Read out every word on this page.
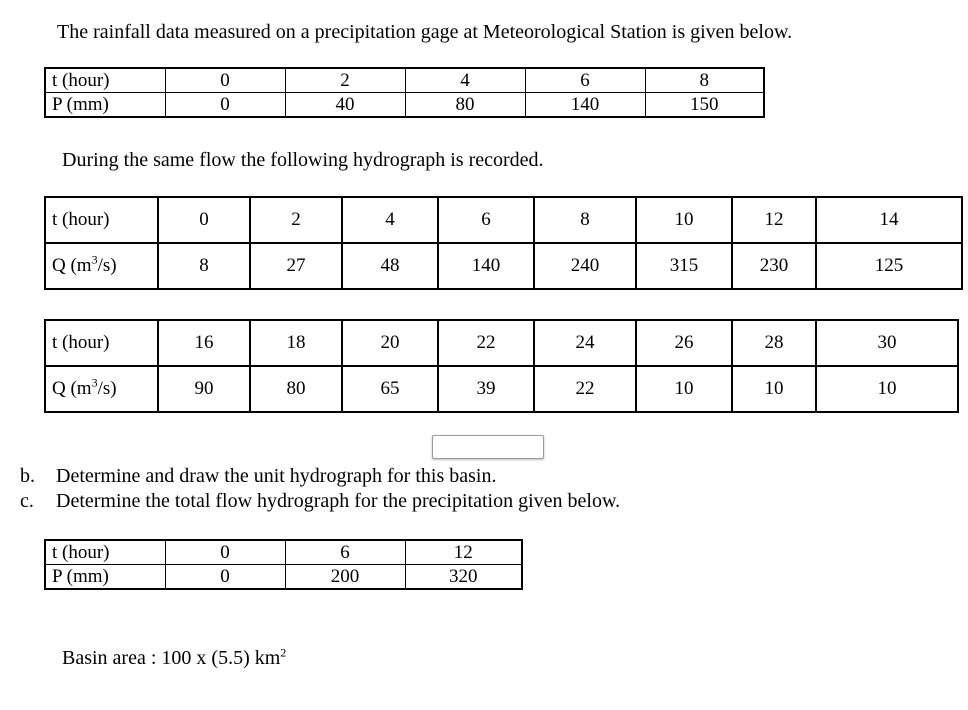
The rainfall data measured on a precipitation gage at Meteorological Station is given below.
t (hour)	0	2	4	6	8
P (mm)	0	40	80	140	150
During the same flow the following hydrograph is recorded.
t (hour)	0	2	4	6	8	10	12	14
Q $(m^3/s)$	8	27	48	140	240	315	230	125
t (hour)	16	18	20	22	24	26	28	30
Q $(m^3/s)$	90	80	65	39	22	10	10	10
b. Determine and draw the unit hydrograph for this basin.
c. Determine the total flow hydrograph for the precipitation given below.
t (hour)	0	6	12
P (mm)	0	200	320
Basin area : 100 x (5.5) $km^2$
